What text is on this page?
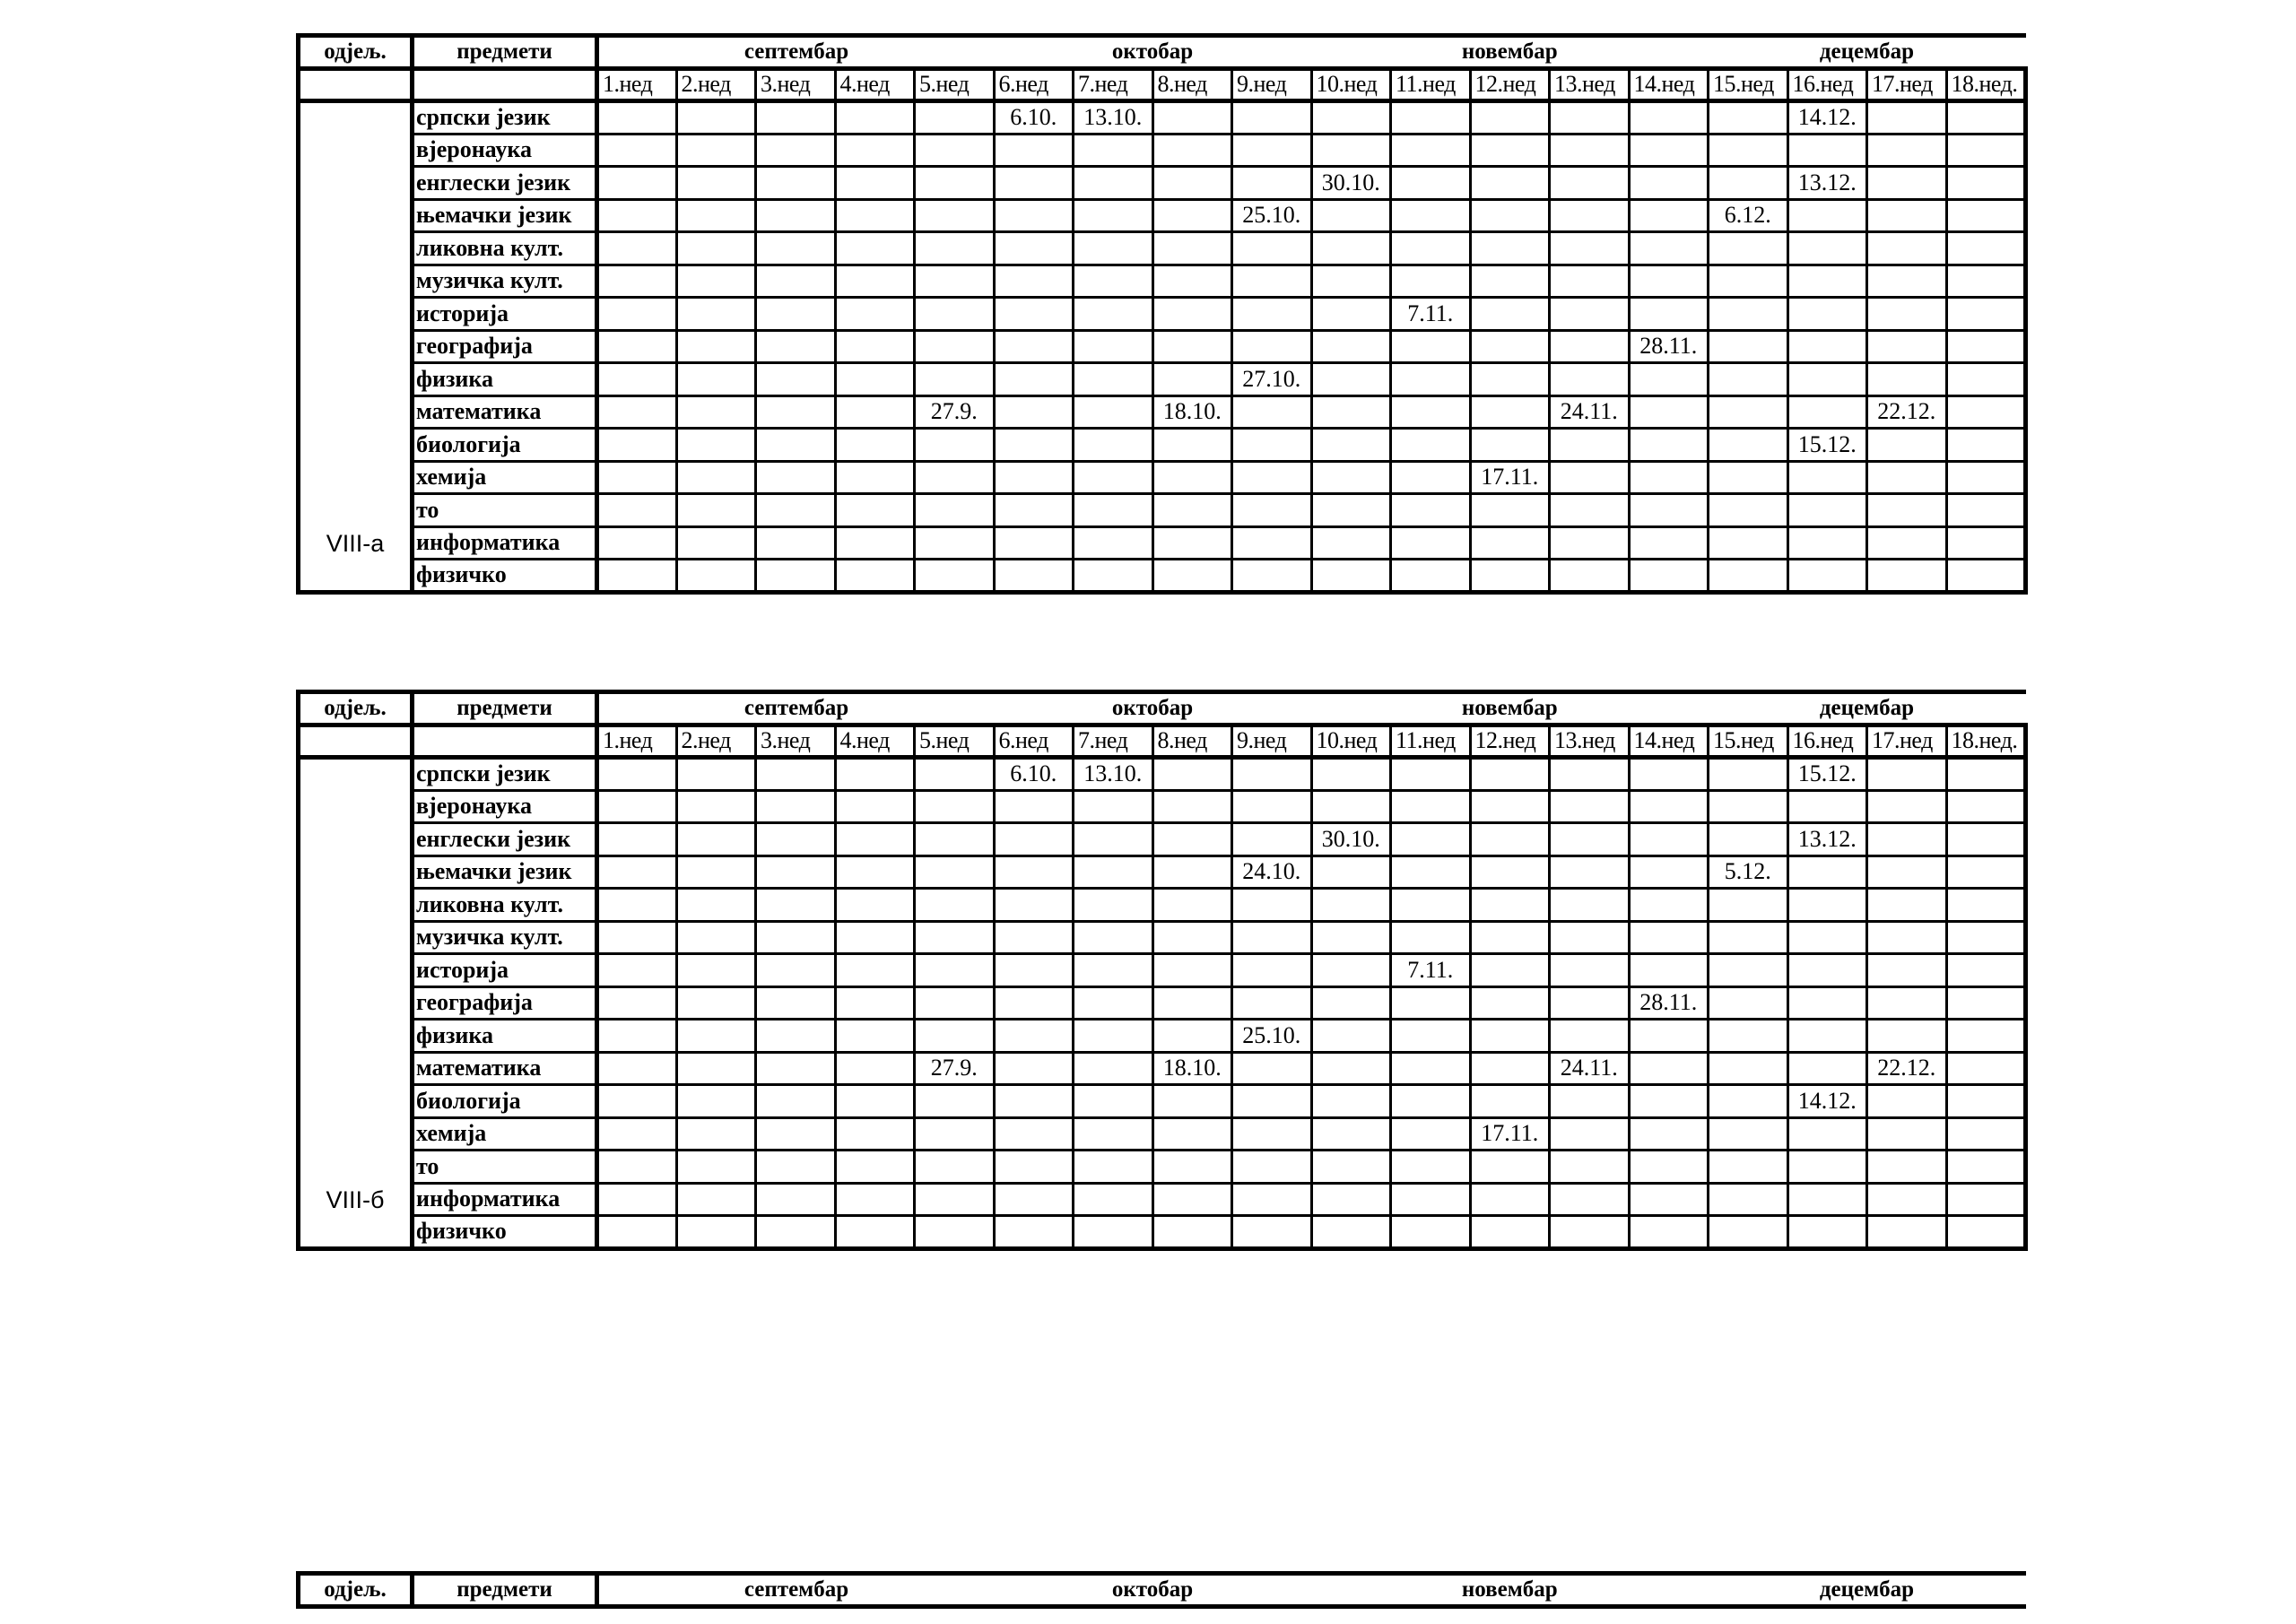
одјељ.	предмети	септембар					октобар				новембар					децембар			
		1.нед	2.нед	3.нед	4.нед	5.нед	6.нед	7.нед	8.нед	9.нед	10.нед	11.нед	12.нед	13.нед	14.нед	15.нед	16.нед	17.нед	18.нед.
VIII-а	српски језик						6.10.	13.10.									14.12.		
	вјеронаука																		
	енглески језик										30.10.						13.12.		
	њемачки језик									25.10.						6.12.			
	ликовна култ.																		
	музичка култ.																		
	историја											7.11.							
	географија														28.11.				
	физика									27.10.									
	математика					27.9.			18.10.					24.11.				22.12.	
	биологија																15.12.		
	хемија												17.11.						
	то																		
	информатика																		
	физичко																		
одјељ.	предмети	септембар					октобар				новембар					децембар			
		1.нед	2.нед	3.нед	4.нед	5.нед	6.нед	7.нед	8.нед	9.нед	10.нед	11.нед	12.нед	13.нед	14.нед	15.нед	16.нед	17.нед	18.нед.
VIII-б	српски језик						6.10.	13.10.									15.12.		
	вјеронаука																		
	енглески језик										30.10.						13.12.		
	њемачки језик									24.10.						5.12.			
	ликовна култ.																		
	музичка култ.																		
	историја											7.11.							
	географија														28.11.				
	физика									25.10.									
	математика					27.9.			18.10.					24.11.				22.12.	
	биологија																14.12.		
	хемија												17.11.						
	то																		
	информатика																		
	физичко																		
одјељ.	предмети	септембар	октобар	новембар	децембар
